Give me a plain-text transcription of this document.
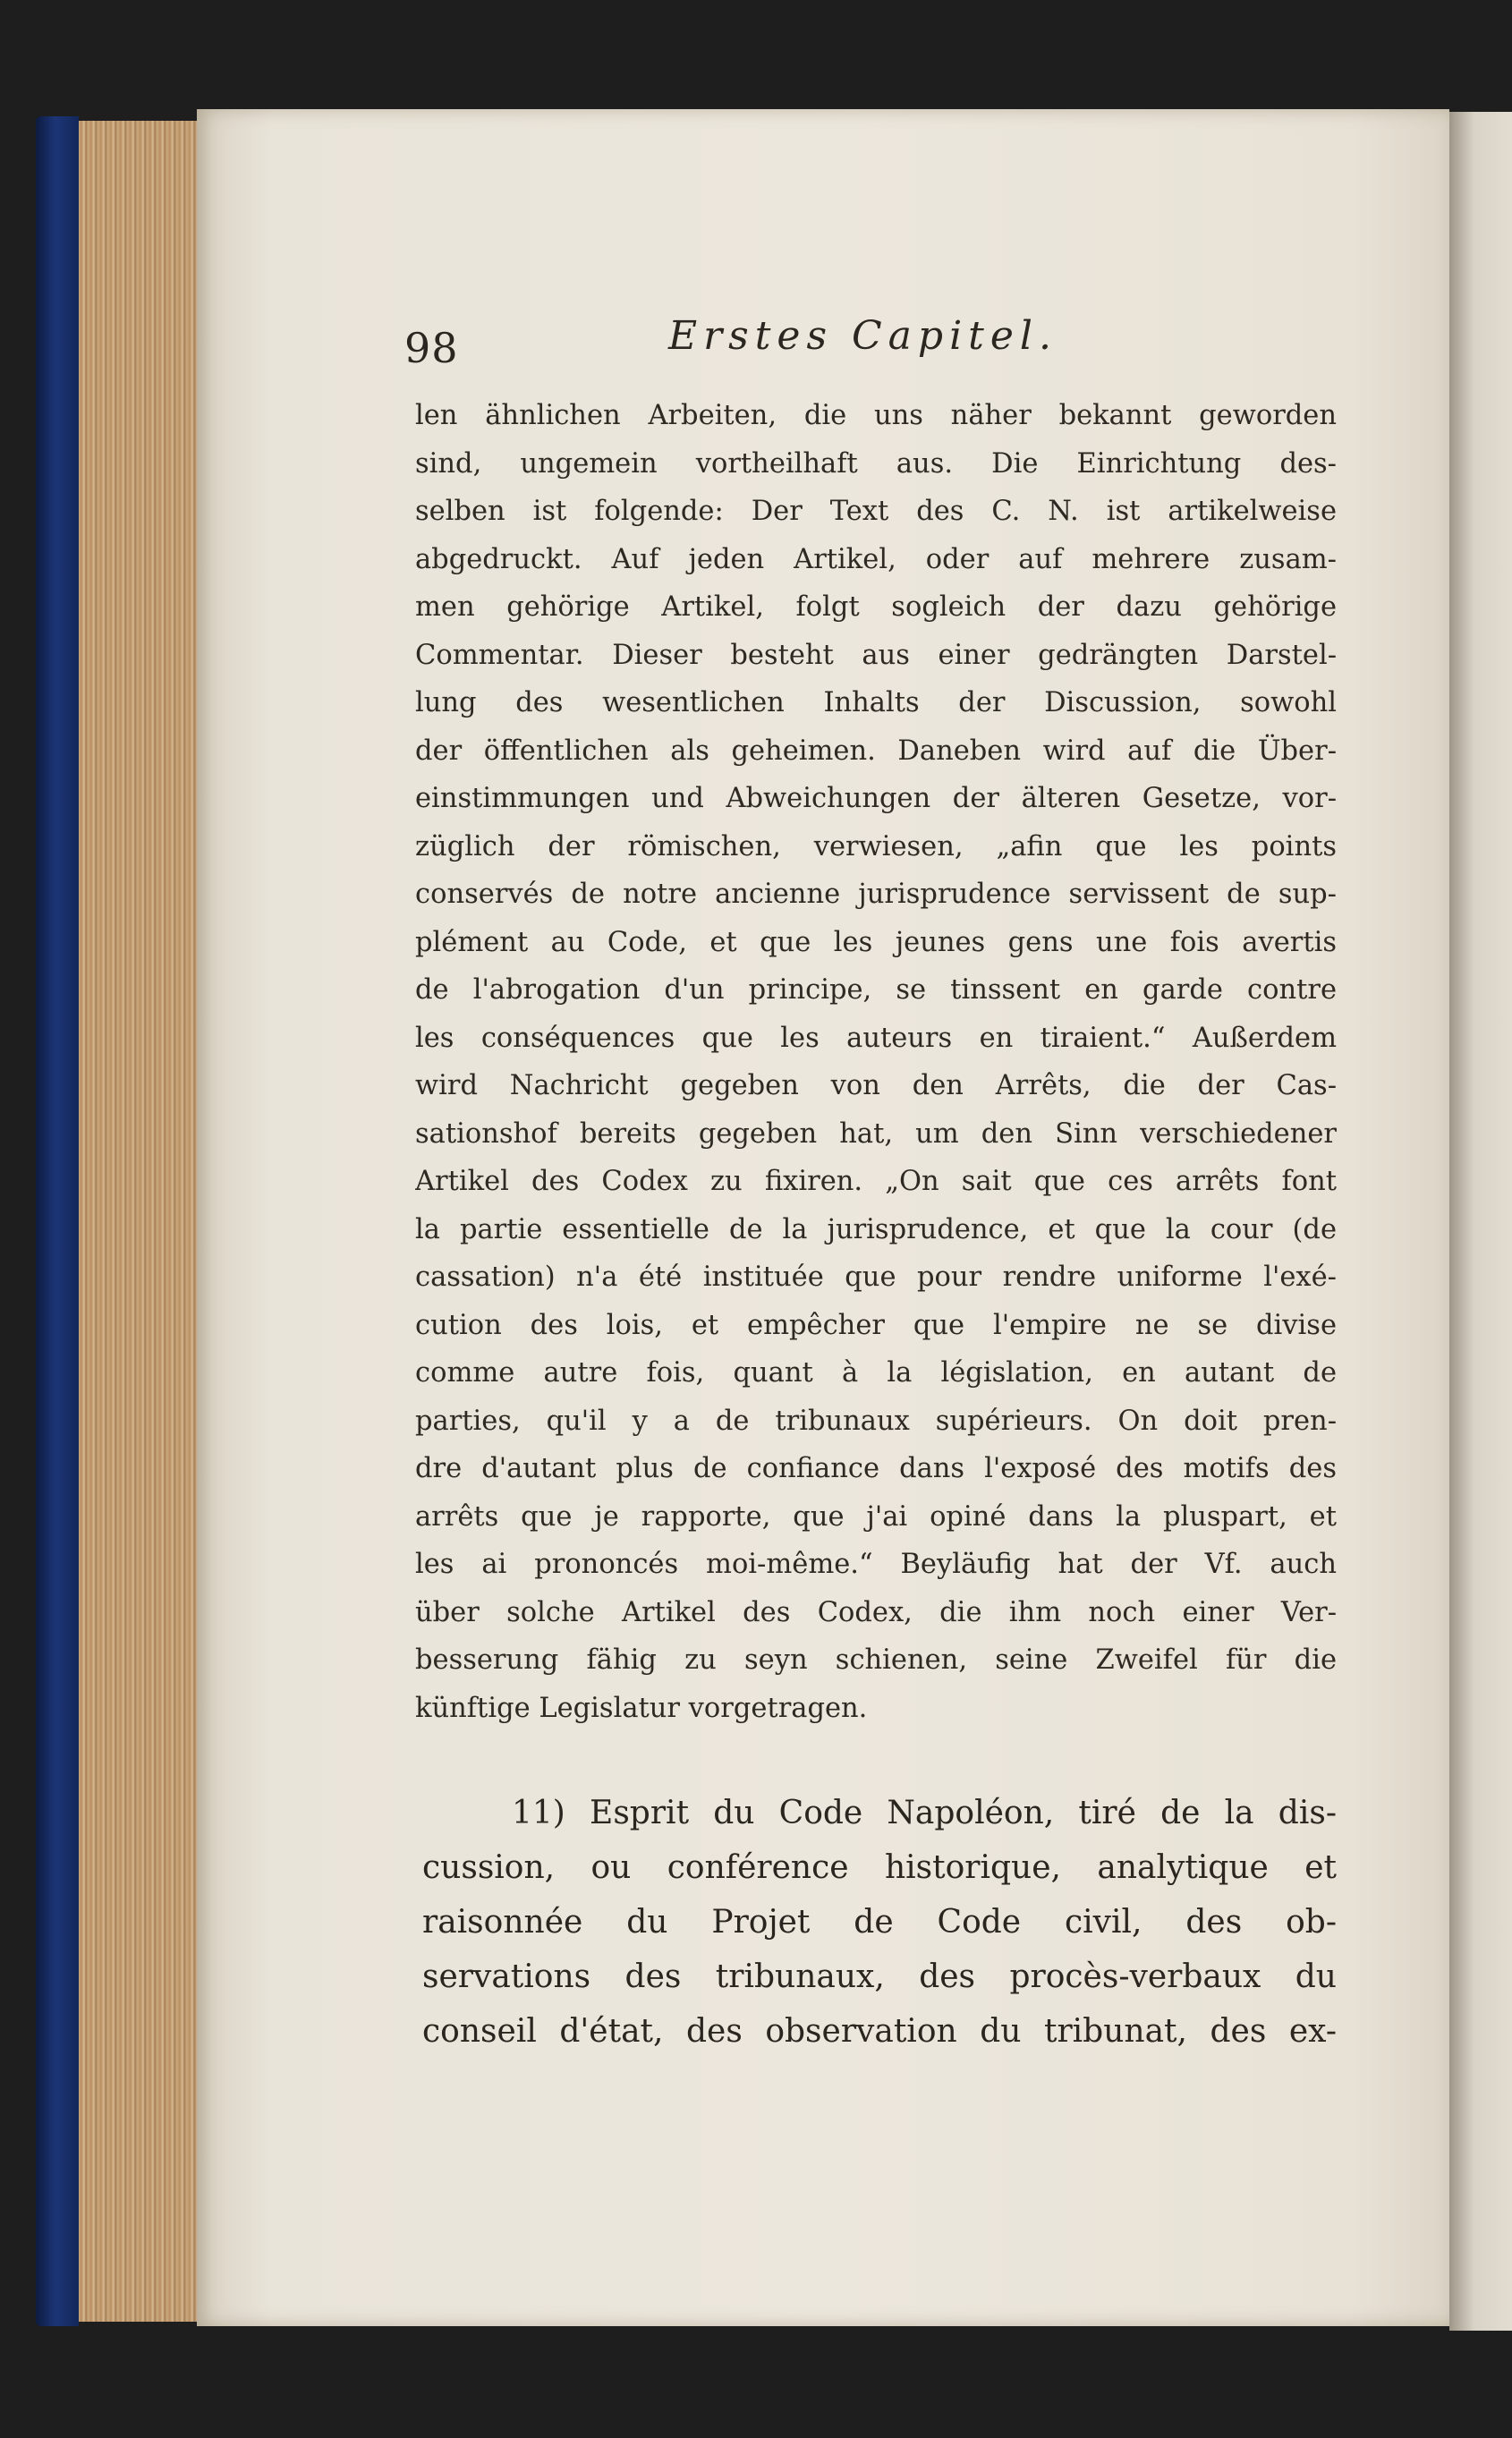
98	Erstes Capitel.
len ähnlichen Arbeiten, die uns näher bekannt geworden
sind, ungemein vortheilhaft aus. Die Einrichtung des-
selben ist folgende: Der Text des C. N. ist artikelweise
abgedruckt. Auf jeden Artikel, oder auf mehrere zusam-
men gehörige Artikel, folgt sogleich der dazu gehörige
Commentar. Dieser besteht aus einer gedrängten Darstel-
lung des wesentlichen Inhalts der Discussion, sowohl
der öffentlichen als geheimen. Daneben wird auf die Über-
einstimmungen und Abweichungen der älteren Gesetze, vor-
züglich der römischen, verwiesen, „afin que les points
conservés de notre ancienne jurisprudence servissent de sup-
plément au Code, et que les jeunes gens une fois avertis
de l'abrogation d'un principe, se tinssent en garde contre
les conséquences que les auteurs en tiraient.“ Außerdem
wird Nachricht gegeben von den Arrêts, die der Cas-
sationshof bereits gegeben hat, um den Sinn verschiedener
Artikel des Codex zu fixiren. „On sait que ces arrêts font
la partie essentielle de la jurisprudence, et que la cour (de
cassation) n'a été instituée que pour rendre uniforme l'exé-
cution des lois, et empêcher que l'empire ne se divise
comme autre fois, quant à la législation, en autant de
parties, qu'il y a de tribunaux supérieurs. On doit pren-
dre d'autant plus de confiance dans l'exposé des motifs des
arrêts que je rapporte, que j'ai opiné dans la pluspart, et
les ai prononcés moi-même.“ Beyläufig hat der Vf. auch
über solche Artikel des Codex, die ihm noch einer Ver-
besserung fähig zu seyn schienen, seine Zweifel für die
künftige Legislatur vorgetragen.
11) Esprit du Code Napoléon, tiré de la dis-
cussion, ou conférence historique, analytique et
raisonnée du Projet de Code civil, des ob-
servations des tribunaux, des procès-verbaux du
conseil d'état, des observation du tribunat, des ex-
